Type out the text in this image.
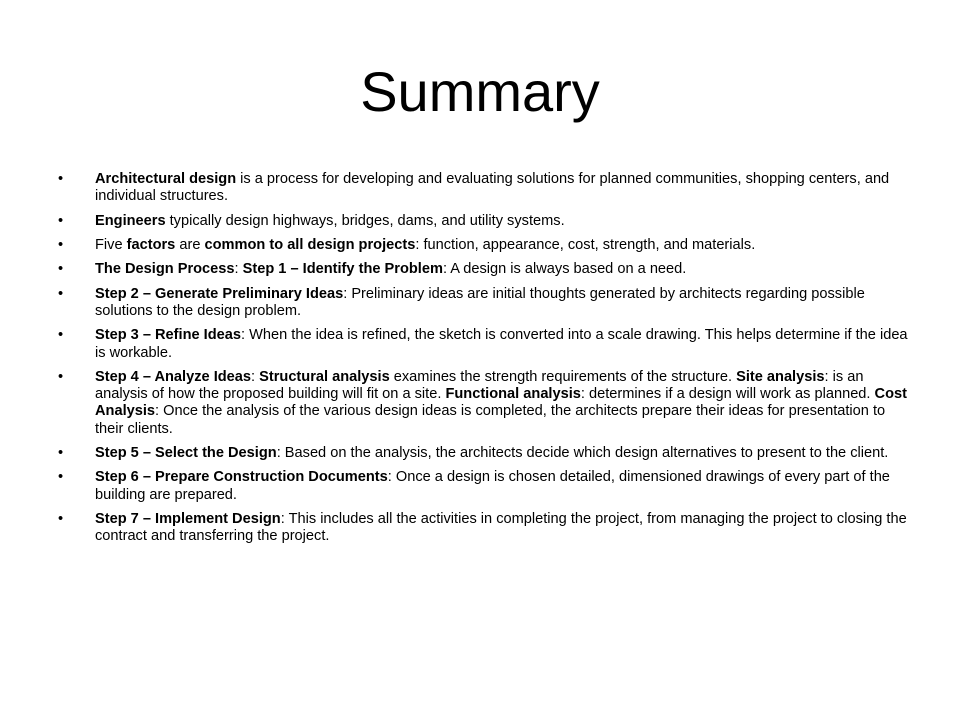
Summary
•	Architectural design is a process for developing and evaluating solutions for planned communities, shopping centers, and individual structures.
•	Engineers typically design highways, bridges, dams, and utility systems.
•	Five factors are common to all design projects: function, appearance, cost, strength, and materials.
•	The Design Process: Step 1 – Identify the Problem: A design is always based on a need.
•	Step 2 – Generate Preliminary Ideas: Preliminary ideas are initial thoughts generated by architects regarding possible solutions to the design problem.
•	Step 3 – Refine Ideas: When the idea is refined, the sketch is converted into a scale drawing. This helps determine if the idea is workable.
•	Step 4 – Analyze Ideas: Structural analysis examines the strength requirements of the structure. Site analysis: is an analysis of how the proposed building will fit on a site. Functional analysis: determines if a design will work as planned. Cost Analysis: Once the analysis of the various design ideas is completed, the architects prepare their ideas for presentation to their clients.
•	Step 5 – Select the Design: Based on the analysis, the architects decide which design alternatives to present to the client.
•	Step 6 – Prepare Construction Documents: Once a design is chosen detailed, dimensioned drawings of every part of the building are prepared.
•	Step 7 – Implement Design: This includes all the activities in completing the project, from managing the project to closing the contract and transferring the project.
